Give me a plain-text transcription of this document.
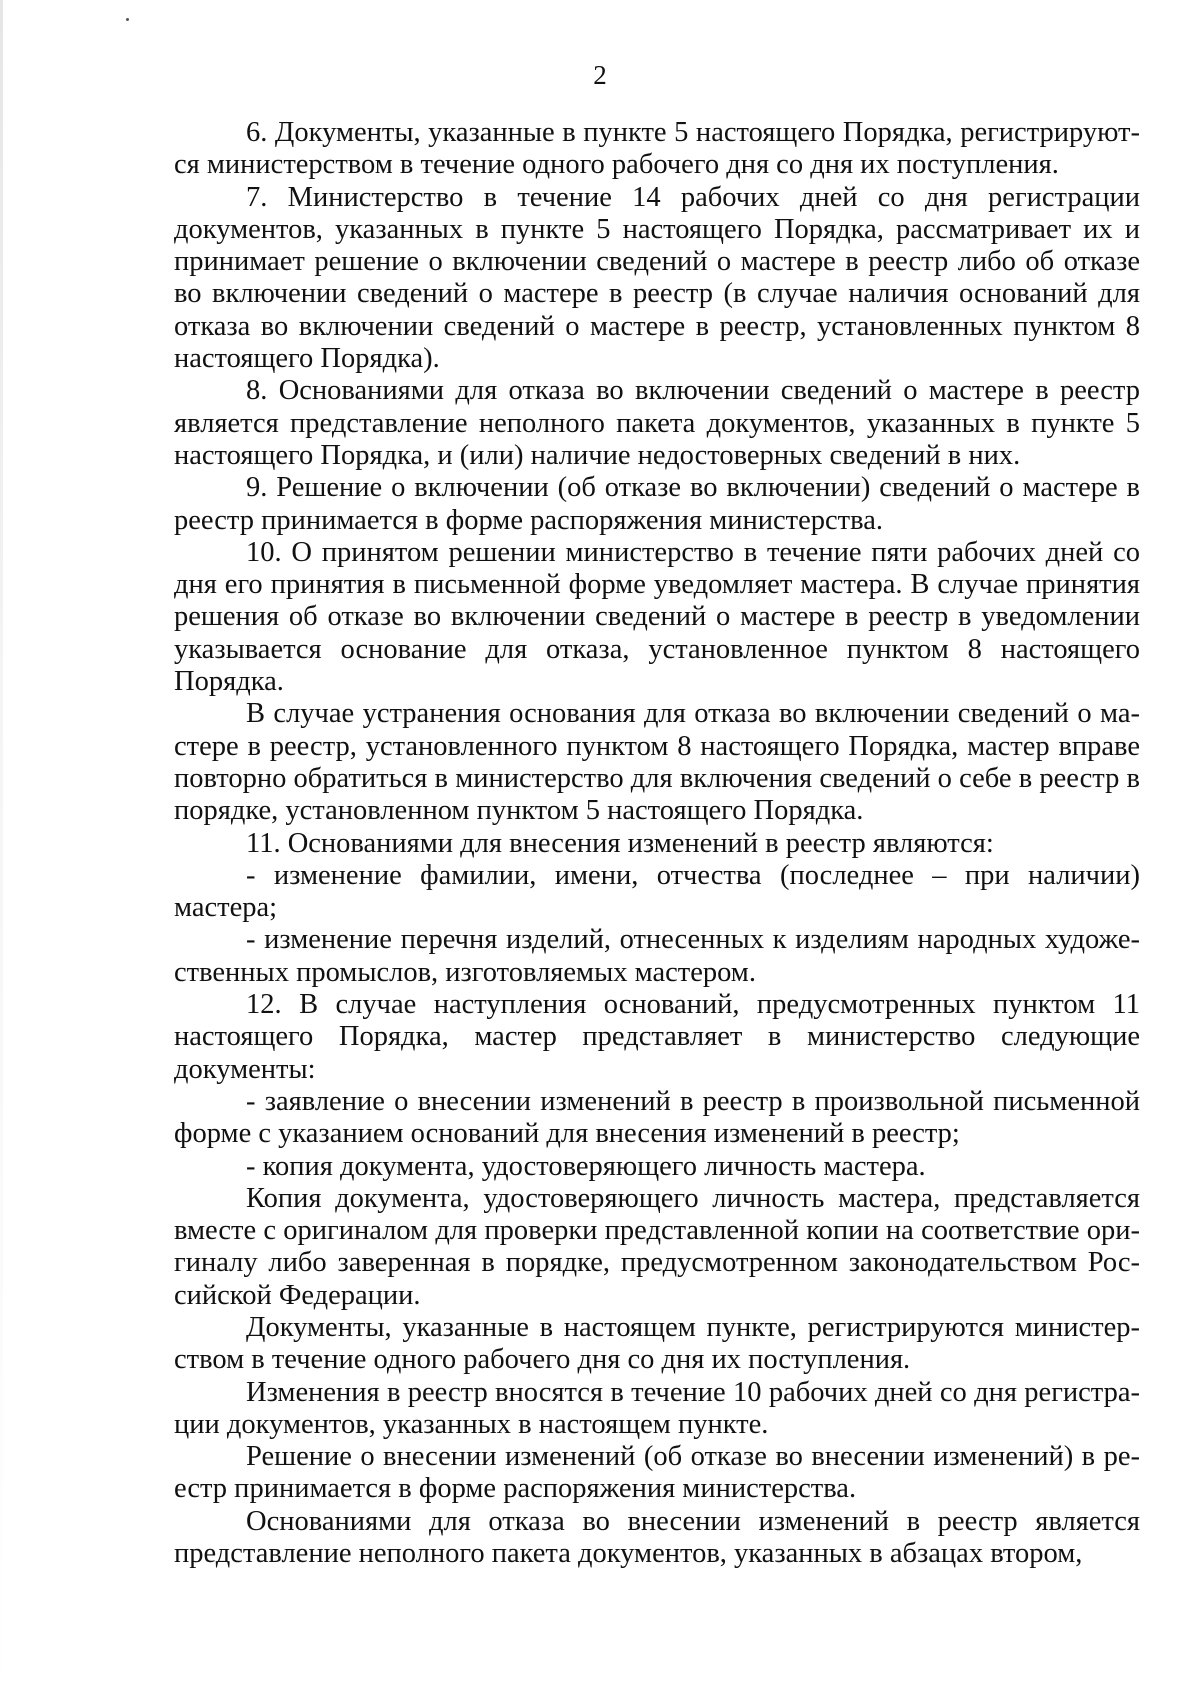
2

6. Документы, указанные в пункте 5 настоящего Порядка, регистрируются министерством в течение одного рабочего дня со дня их поступления.

7. Министерство в течение 14 рабочих дней со дня регистрации документов, указанных в пункте 5 настоящего Порядка, рассматривает их и принимает решение о включении сведений о мастере в реестр либо об отказе во включении сведений о мастере в реестр (в случае наличия оснований для отказа во включении сведений о мастере в реестр, установленных пунктом 8 настоящего Порядка).

8. Основаниями для отказа во включении сведений о мастере в реестр является представление неполного пакета документов, указанных в пункте 5 настоящего Порядка, и (или) наличие недостоверных сведений в них.

9. Решение о включении (об отказе во включении) сведений о мастере в реестр принимается в форме распоряжения министерства.

10. О принятом решении министерство в течение пяти рабочих дней со дня его принятия в письменной форме уведомляет мастера. В случае принятия решения об отказе во включении сведений о мастере в реестр в уведомлении указывается основание для отказа, установленное пунктом 8 настоящего Порядка.

В случае устранения основания для отказа во включении сведений о мастере в реестр, установленного пунктом 8 настоящего Порядка, мастер вправе повторно обратиться в министерство для включения сведений о себе в реестр в порядке, установленном пунктом 5 настоящего Порядка.

11. Основаниями для внесения изменений в реестр являются:

- изменение фамилии, имени, отчества (последнее – при наличии) мастера;

- изменение перечня изделий, отнесенных к изделиям народных художественных промыслов, изготовляемых мастером.

12. В случае наступления оснований, предусмотренных пунктом 11 настоящего Порядка, мастер представляет в министерство следующие документы:

- заявление о внесении изменений в реестр в произвольной письменной форме с указанием оснований для внесения изменений в реестр;

- копия документа, удостоверяющего личность мастера.

Копия документа, удостоверяющего личность мастера, представляется вместе с оригиналом для проверки представленной копии на соответствие оригиналу либо заверенная в порядке, предусмотренном законодательством Российской Федерации.

Документы, указанные в настоящем пункте, регистрируются министерством в течение одного рабочего дня со дня их поступления.

Изменения в реестр вносятся в течение 10 рабочих дней со дня регистрации документов, указанных в настоящем пункте.

Решение о внесении изменений (об отказе во внесении изменений) в реестр принимается в форме распоряжения министерства.

Основаниями для отказа во внесении изменений в реестр является представление неполного пакета документов, указанных в абзацах втором,
